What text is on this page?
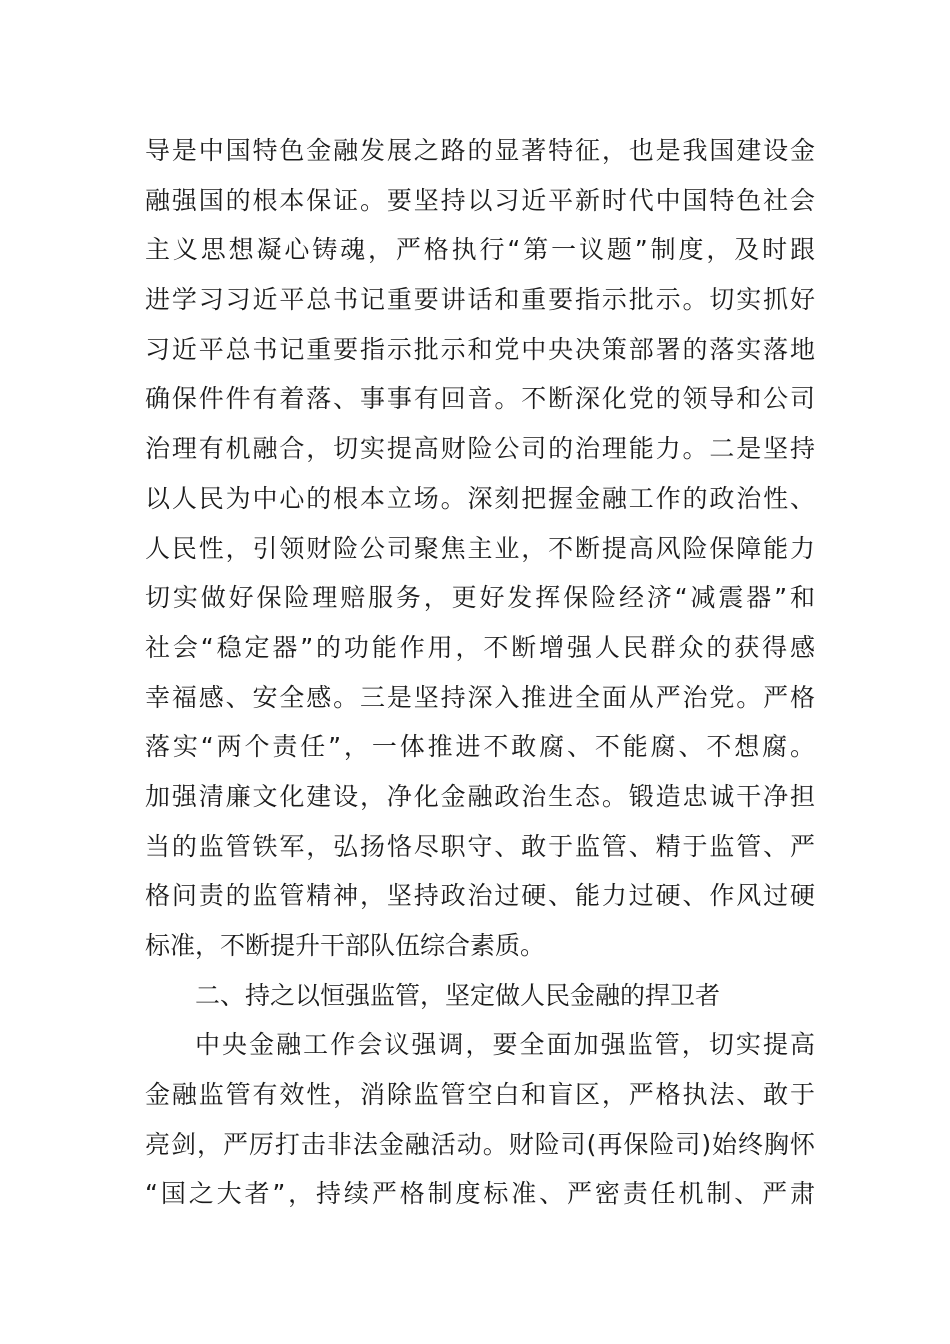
导是中国特色金融发展之路的显著特征，也是我国建设金
融强国的根本保证。要坚持以习近平新时代中国特色社会
主义思想凝心铸魂，严格执行“第一议题”制度，及时跟
进学习习近平总书记重要讲话和重要指示批示。切实抓好
习近平总书记重要指示批示和党中央决策部署的落实落地
确保件件有着落、事事有回音。不断深化党的领导和公司
治理有机融合，切实提高财险公司的治理能力。二是坚持
以人民为中心的根本立场。深刻把握金融工作的政治性、
人民性，引领财险公司聚焦主业，不断提高风险保障能力
切实做好保险理赔服务，更好发挥保险经济“减震器”和
社会“稳定器”的功能作用，不断增强人民群众的获得感
幸福感、安全感。三是坚持深入推进全面从严治党。严格
落实“两个责任”，一体推进不敢腐、不能腐、不想腐。
加强清廉文化建设，净化金融政治生态。锻造忠诚干净担
当的监管铁军，弘扬恪尽职守、敢于监管、精于监管、严
格问责的监管精神，坚持政治过硬、能力过硬、作风过硬
标准，不断提升干部队伍综合素质。
二、持之以恒强监管，坚定做人民金融的捍卫者
中央金融工作会议强调，要全面加强监管，切实提高
金融监管有效性，消除监管空白和盲区，严格执法、敢于
亮剑，严厉打击非法金融活动。财险司(再保险司)始终胸怀
“国之大者”，持续严格制度标准、严密责任机制、严肃
